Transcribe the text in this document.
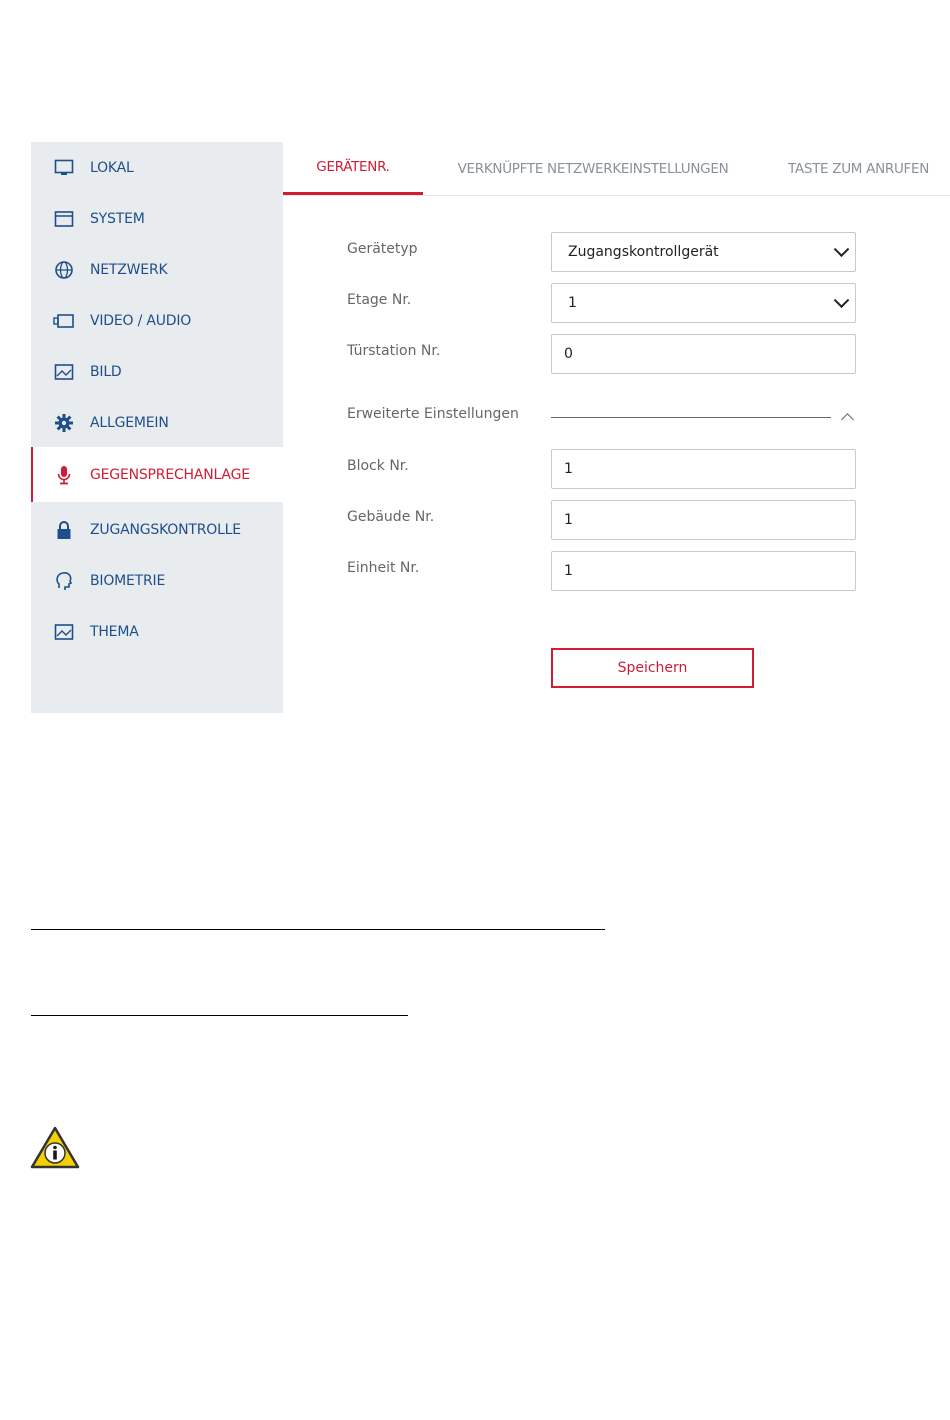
LOKAL
SYSTEM
NETZWERK
VIDEO / AUDIO
BILD
ALLGEMEIN
GEGENSPRECHANLAGE
ZUGANGSKONTROLLE
BIOMETRIE
THEMA
GERÄTENR.	VERKNÜPFTE NETZWERKEINSTELLUNGEN	TASTE ZUM ANRUFEN
Gerätetyp	Zugangskontrollgerät
Etage Nr.	1
Türstation Nr.	0
Erweiterte Einstellungen
Block Nr.	1
Gebäude Nr.	1
Einheit Nr.	1
Speichern
